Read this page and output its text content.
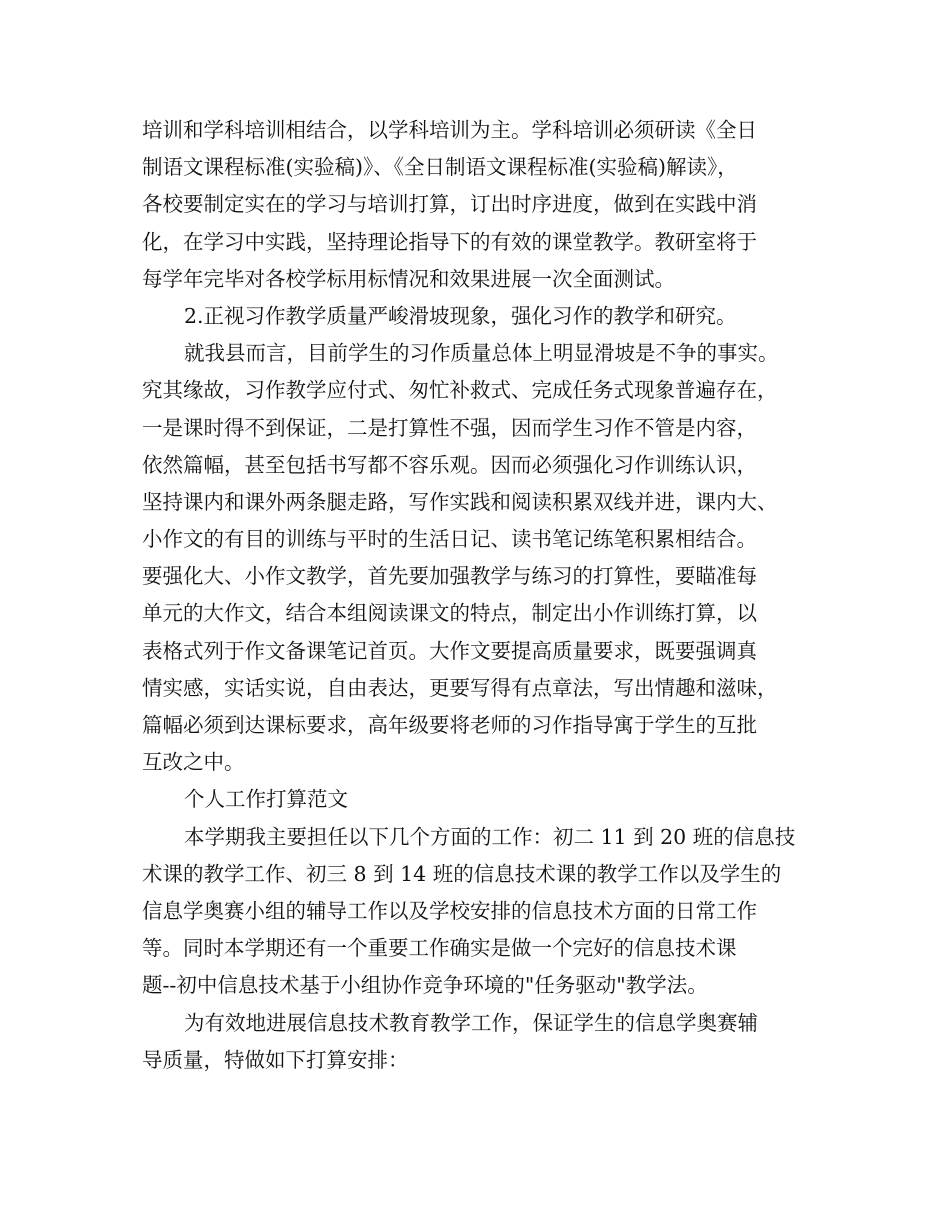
培训和学科培训相结合，以学科培训为主。学科培训必须研读《全日
制语文课程标准(实验稿)》、《全日制语文课程标准(实验稿)解读》，
各校要制定实在的学习与培训打算，订出时序进度，做到在实践中消
化，在学习中实践，坚持理论指导下的有效的课堂教学。教研室将于
每学年完毕对各校学标用标情况和效果进展一次全面测试。
2.正视习作教学质量严峻滑坡现象，强化习作的教学和研究。
就我县而言，目前学生的习作质量总体上明显滑坡是不争的事实。
究其缘故，习作教学应付式、匆忙补救式、完成任务式现象普遍存在，
一是课时得不到保证，二是打算性不强，因而学生习作不管是内容，
依然篇幅，甚至包括书写都不容乐观。因而必须强化习作训练认识，
坚持课内和课外两条腿走路，写作实践和阅读积累双线并进，课内大、
小作文的有目的训练与平时的生活日记、读书笔记练笔积累相结合。
要强化大、小作文教学，首先要加强教学与练习的打算性，要瞄准每
单元的大作文，结合本组阅读课文的特点，制定出小作训练打算，以
表格式列于作文备课笔记首页。大作文要提高质量要求，既要强调真
情实感，实话实说，自由表达，更要写得有点章法，写出情趣和滋味，
篇幅必须到达课标要求，高年级要将老师的习作指导寓于学生的互批
互改之中。
个人工作打算范文
本学期我主要担任以下几个方面的工作：初二 11 到 20 班的信息技
术课的教学工作、初三 8 到 14 班的信息技术课的教学工作以及学生的
信息学奥赛小组的辅导工作以及学校安排的信息技术方面的日常工作
等。同时本学期还有一个重要工作确实是做一个完好的信息技术课
题--初中信息技术基于小组协作竞争环境的"任务驱动"教学法。
为有效地进展信息技术教育教学工作，保证学生的信息学奥赛辅
导质量，特做如下打算安排：
